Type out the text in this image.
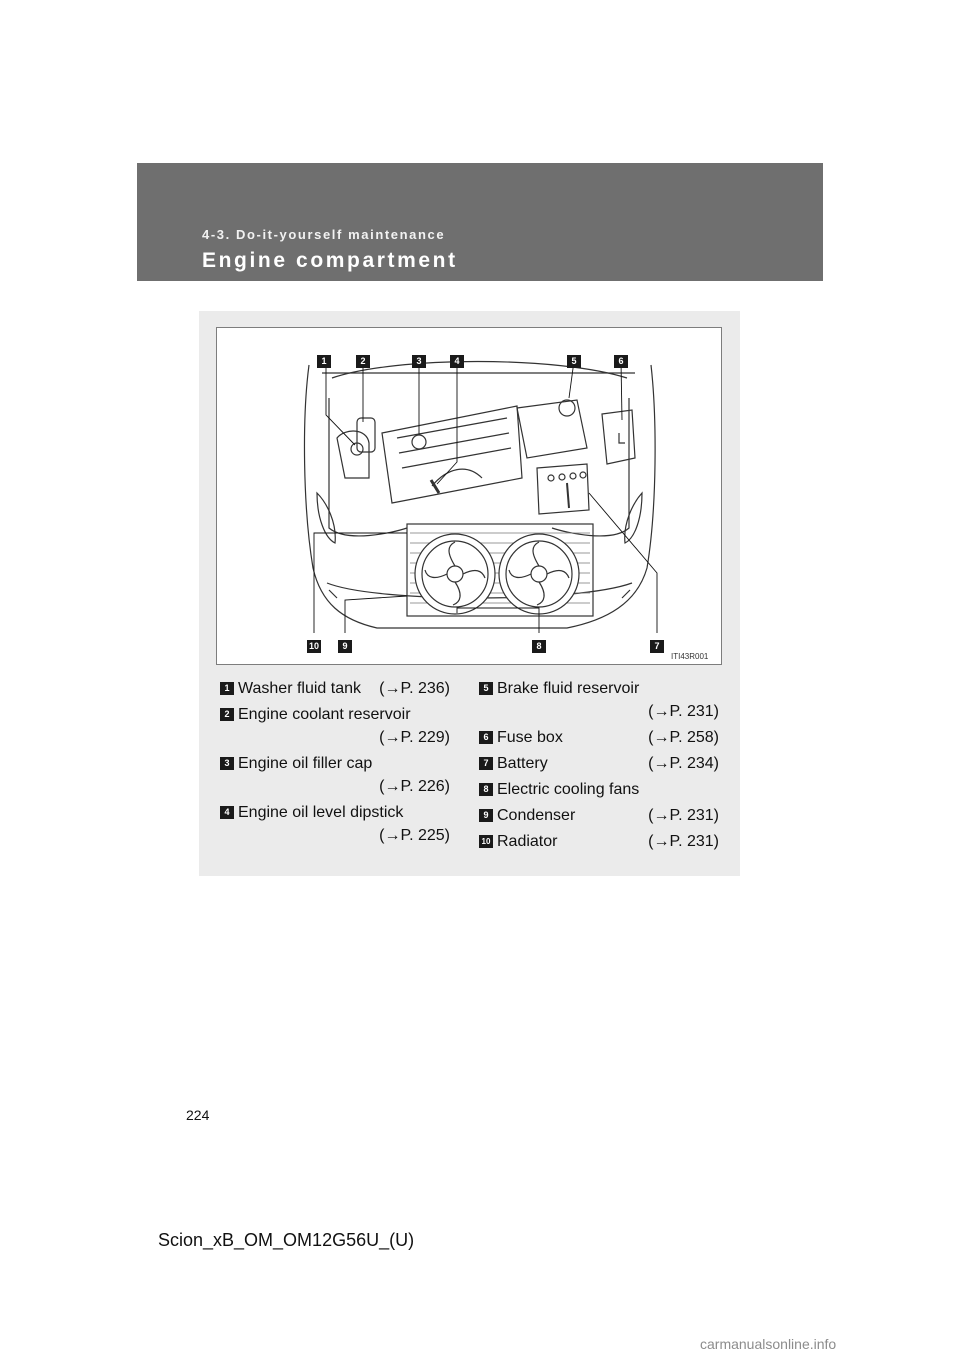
4-3. Do-it-yourself maintenance
Engine compartment
1	2	3	4	5	6
7
8
9
10
ITI43R001
1 Washer fluid tank (→P. 236)
2 Engine coolant reservoir
(→P. 229)
3 Engine oil filler cap
(→P. 226)
4 Engine oil level dipstick
(→P. 225)
5 Brake fluid reservoir
(→P. 231)
6 Fuse box	(→P. 258)
7 Battery	(→P. 234)
8 Electric cooling fans
9 Condenser	(→P. 231)
10 Radiator	(→P. 231)
224
Scion_xB_OM_OM12G56U_(U)
carmanualsonline.info
